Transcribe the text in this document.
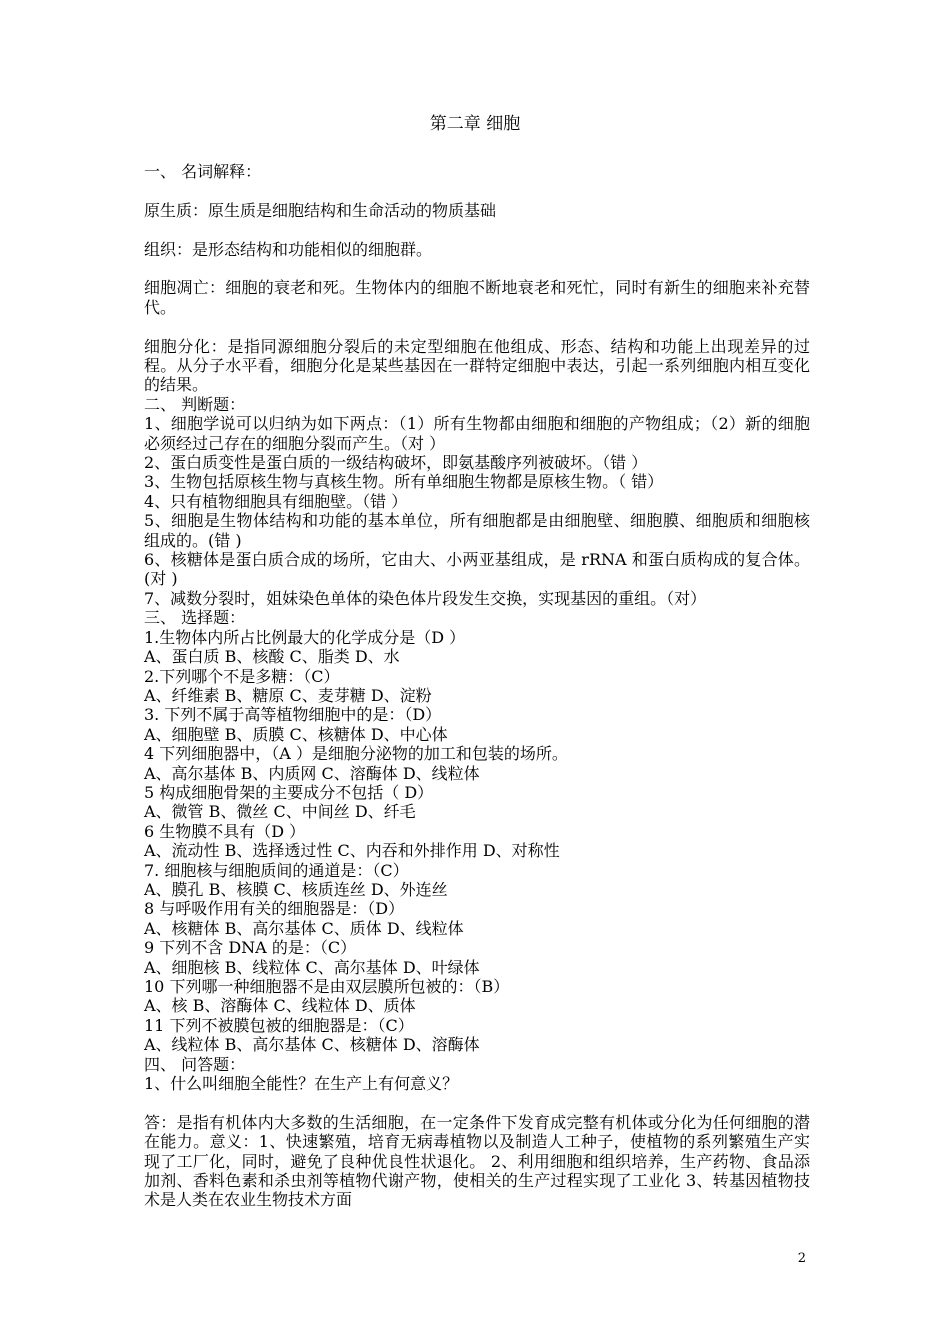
第二章 细胞

一、 名词解释：

原生质：原生质是细胞结构和生命活动的物质基础

组织：是形态结构和功能相似的细胞群。

细胞凋亡：细胞的衰老和死。生物体内的细胞不断地衰老和死忙，同时有新生的细胞来补充替代。

细胞分化：是指同源细胞分裂后的未定型细胞在他组成、形态、结构和功能上出现差异的过程。从分子水平看，细胞分化是某些基因在一群特定细胞中表达，引起一系列细胞内相互变化的结果。

二、 判断题：

1、细胞学说可以归纳为如下两点：（1）所有生物都由细胞和细胞的产物组成；（2）新的细胞必须经过己存在的细胞分裂而产生。（对 ）

2、蛋白质变性是蛋白质的一级结构破坏，即氨基酸序列被破坏。（错 ）

3、生物包括原核生物与真核生物。所有单细胞生物都是原核生物。（ 错）

4、只有植物细胞具有细胞壁。（错 ）

5、细胞是生物体结构和功能的基本单位，所有细胞都是由细胞壁、细胞膜、细胞质和细胞核组成的。(错 )

6、核糖体是蛋白质合成的场所，它由大、小两亚基组成，是 rRNA 和蛋白质构成的复合体。 (对 )

7、减数分裂时，姐妹染色单体的染色体片段发生交换，实现基因的重组。（对）

三、 选择题：

1.生物体内所占比例最大的化学成分是（D ）

A、蛋白质 B、核酸 C、脂类 D、水

2.下列哪个不是多糖：（C）

A、纤维素 B、糖原 C、麦芽糖 D、淀粉

3. 下列不属于高等植物细胞中的是：（D）

A、细胞壁 B、质膜 C、核糖体 D、中心体

4 下列细胞器中，（A ）是细胞分泌物的加工和包装的场所。

A、高尔基体 B、内质网 C、溶酶体 D、线粒体

5 构成细胞骨架的主要成分不包括（ D）

A、微管 B、微丝 C、中间丝 D、纤毛

6 生物膜不具有（D ）

A、流动性 B、选择透过性 C、内吞和外排作用 D、对称性

7. 细胞核与细胞质间的通道是：（C）

A、膜孔 B、核膜 C、核质连丝 D、外连丝

8 与呼吸作用有关的细胞器是：（D）

A、核糖体 B、高尔基体 C、质体 D、线粒体

9 下列不含 DNA 的是：（C）

A、细胞核 B、线粒体 C、高尔基体 D、叶绿体

10 下列哪一种细胞器不是由双层膜所包被的：（B）

A、核 B、溶酶体 C、线粒体 D、质体

11 下列不被膜包被的细胞器是：（C）

A、线粒体 B、高尔基体 C、核糖体 D、溶酶体

四、 问答题：

1、什么叫细胞全能性？在生产上有何意义？

答：是指有机体内大多数的生活细胞，在一定条件下发育成完整有机体或分化为任何细胞的潜在能力。意义：1、快速繁殖，培育无病毒植物以及制造人工种子，使植物的系列繁殖生产实现了工厂化，同时，避免了良种优良性状退化。 2、利用细胞和组织培养，生产药物、食品添加剂、香料色素和杀虫剂等植物代谢产物，使相关的生产过程实现了工业化 3、转基因植物技术是人类在农业生物技术方面

2
